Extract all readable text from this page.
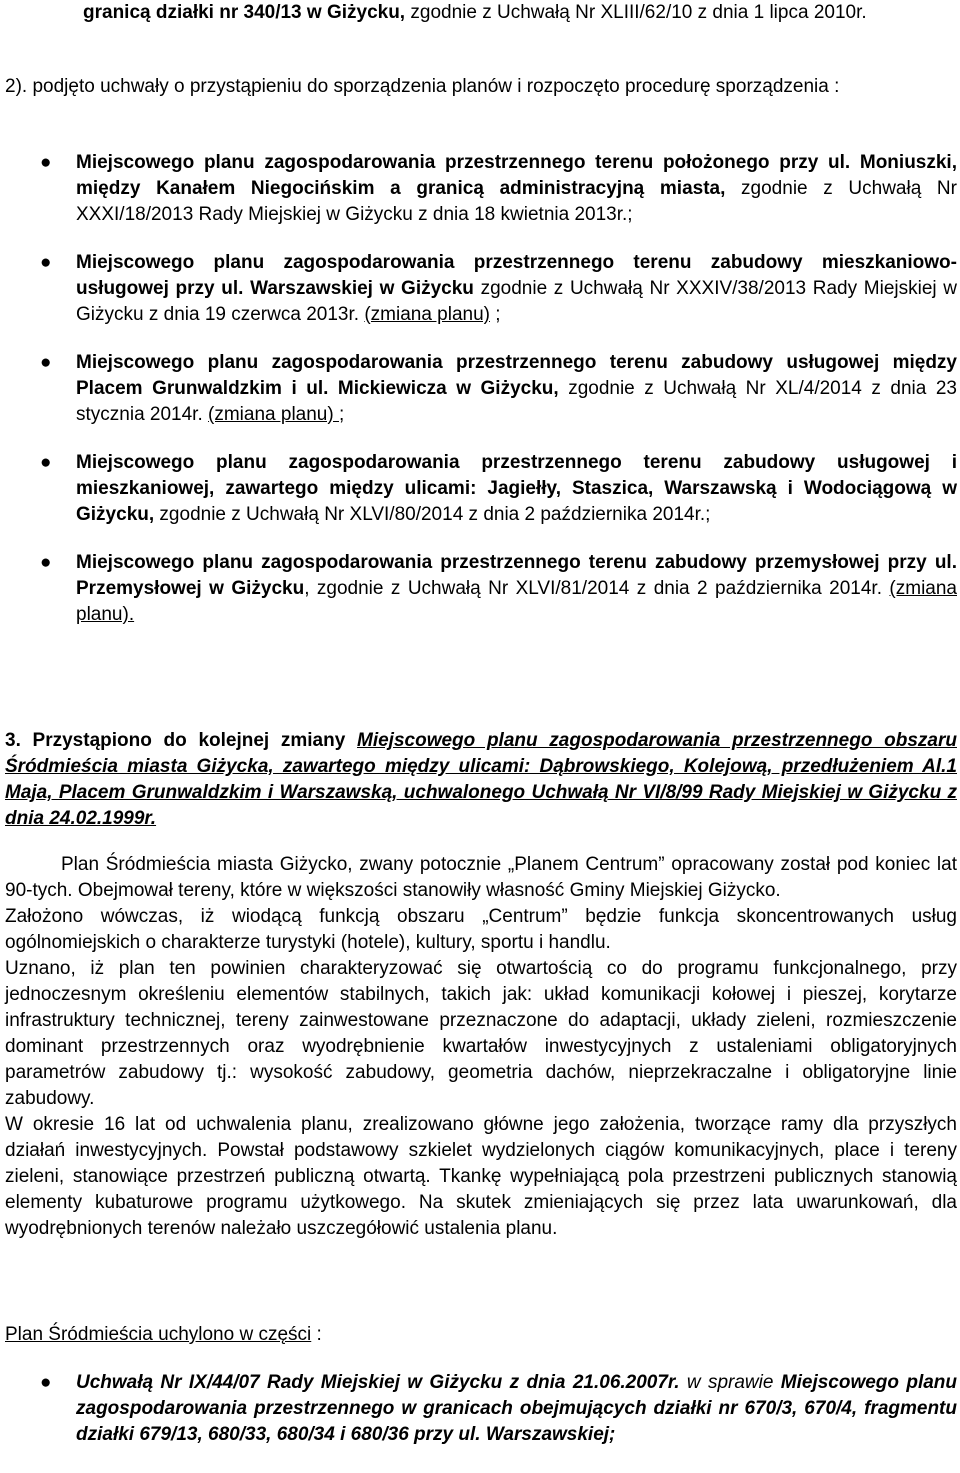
granicą działki nr 340/13 w Giżycku, zgodnie z Uchwałą Nr XLIII/62/10 z dnia 1 lipca 2010r.

2). podjęto uchwały o przystąpieniu do sporządzenia planów i rozpoczęto procedurę sporządzenia :

● Miejscowego planu zagospodarowania przestrzennego terenu położonego przy ul. Moniuszki, między Kanałem Niegocińskim a granicą administracyjną miasta, zgodnie z Uchwałą Nr XXXI/18/2013 Rady Miejskiej w Giżycku z dnia 18 kwietnia 2013r.;
● Miejscowego planu zagospodarowania przestrzennego terenu zabudowy mieszkaniowo-usługowej przy ul. Warszawskiej w Giżycku zgodnie z Uchwałą Nr XXXIV/38/2013 Rady Miejskiej w Giżycku z dnia 19 czerwca 2013r. (zmiana planu) ;
● Miejscowego planu zagospodarowania przestrzennego terenu zabudowy usługowej między Placem Grunwaldzkim i ul. Mickiewicza w Giżycku, zgodnie z Uchwałą Nr XL/4/2014 z dnia 23 stycznia 2014r. (zmiana planu) ;
● Miejscowego planu zagospodarowania przestrzennego terenu zabudowy usługowej i mieszkaniowej, zawartego między ulicami: Jagiełły, Staszica, Warszawską i Wodociągową w Giżycku, zgodnie z Uchwałą Nr XLVI/80/2014 z dnia 2 października 2014r.;
● Miejscowego planu zagospodarowania przestrzennego terenu zabudowy przemysłowej przy ul. Przemysłowej w Giżycku, zgodnie z Uchwałą Nr XLVI/81/2014 z dnia 2 października 2014r. (zmiana planu).

3. Przystąpiono do kolejnej zmiany Miejscowego planu zagospodarowania przestrzennego obszaru Śródmieścia miasta Giżycka, zawartego między ulicami: Dąbrowskiego, Kolejową, przedłużeniem Al.1 Maja, Placem Grunwaldzkim i Warszawską, uchwalonego Uchwałą Nr VI/8/99 Rady Miejskiej w Giżycku z dnia 24.02.1999r.

Plan Śródmieścia miasta Giżycko, zwany potocznie „Planem Centrum” opracowany został pod koniec lat 90-tych. Obejmował tereny, które w większości stanowiły własność Gminy Miejskiej Giżycko.

Założono wówczas, iż wiodącą funkcją obszaru „Centrum” będzie funkcja skoncentrowanych usług ogólnomiejskich o charakterze turystyki (hotele), kultury, sportu i handlu.

Uznano, iż plan ten powinien charakteryzować się otwartością co do programu funkcjonalnego, przy jednoczesnym określeniu elementów stabilnych, takich jak: układ komunikacji kołowej i pieszej, korytarze infrastruktury technicznej, tereny zainwestowane przeznaczone do adaptacji, układy zieleni, rozmieszczenie dominant przestrzennych oraz wyodrębnienie kwartałów inwestycyjnych z ustaleniami obligatoryjnych parametrów zabudowy tj.: wysokość zabudowy, geometria dachów, nieprzekraczalne i obligatoryjne linie zabudowy.

W okresie 16 lat od uchwalenia planu, zrealizowano główne jego założenia, tworzące ramy dla przyszłych działań inwestycyjnych. Powstał podstawowy szkielet wydzielonych ciągów komunikacyjnych, place i tereny zieleni, stanowiące przestrzeń publiczną otwartą. Tkankę wypełniającą pola przestrzeni publicznych stanowią elementy kubaturowe programu użytkowego. Na skutek zmieniających się przez lata uwarunkowań, dla wyodrębnionych terenów należało uszczegółowić ustalenia planu.

Plan Śródmieścia uchylono w części :

● Uchwałą Nr IX/44/07 Rady Miejskiej w Giżycku z dnia 21.06.2007r. w sprawie Miejscowego planu zagospodarowania przestrzennego w granicach obejmujących działki nr 670/3, 670/4, fragmentu działki 679/13, 680/33, 680/34 i 680/36 przy ul. Warszawskiej;
